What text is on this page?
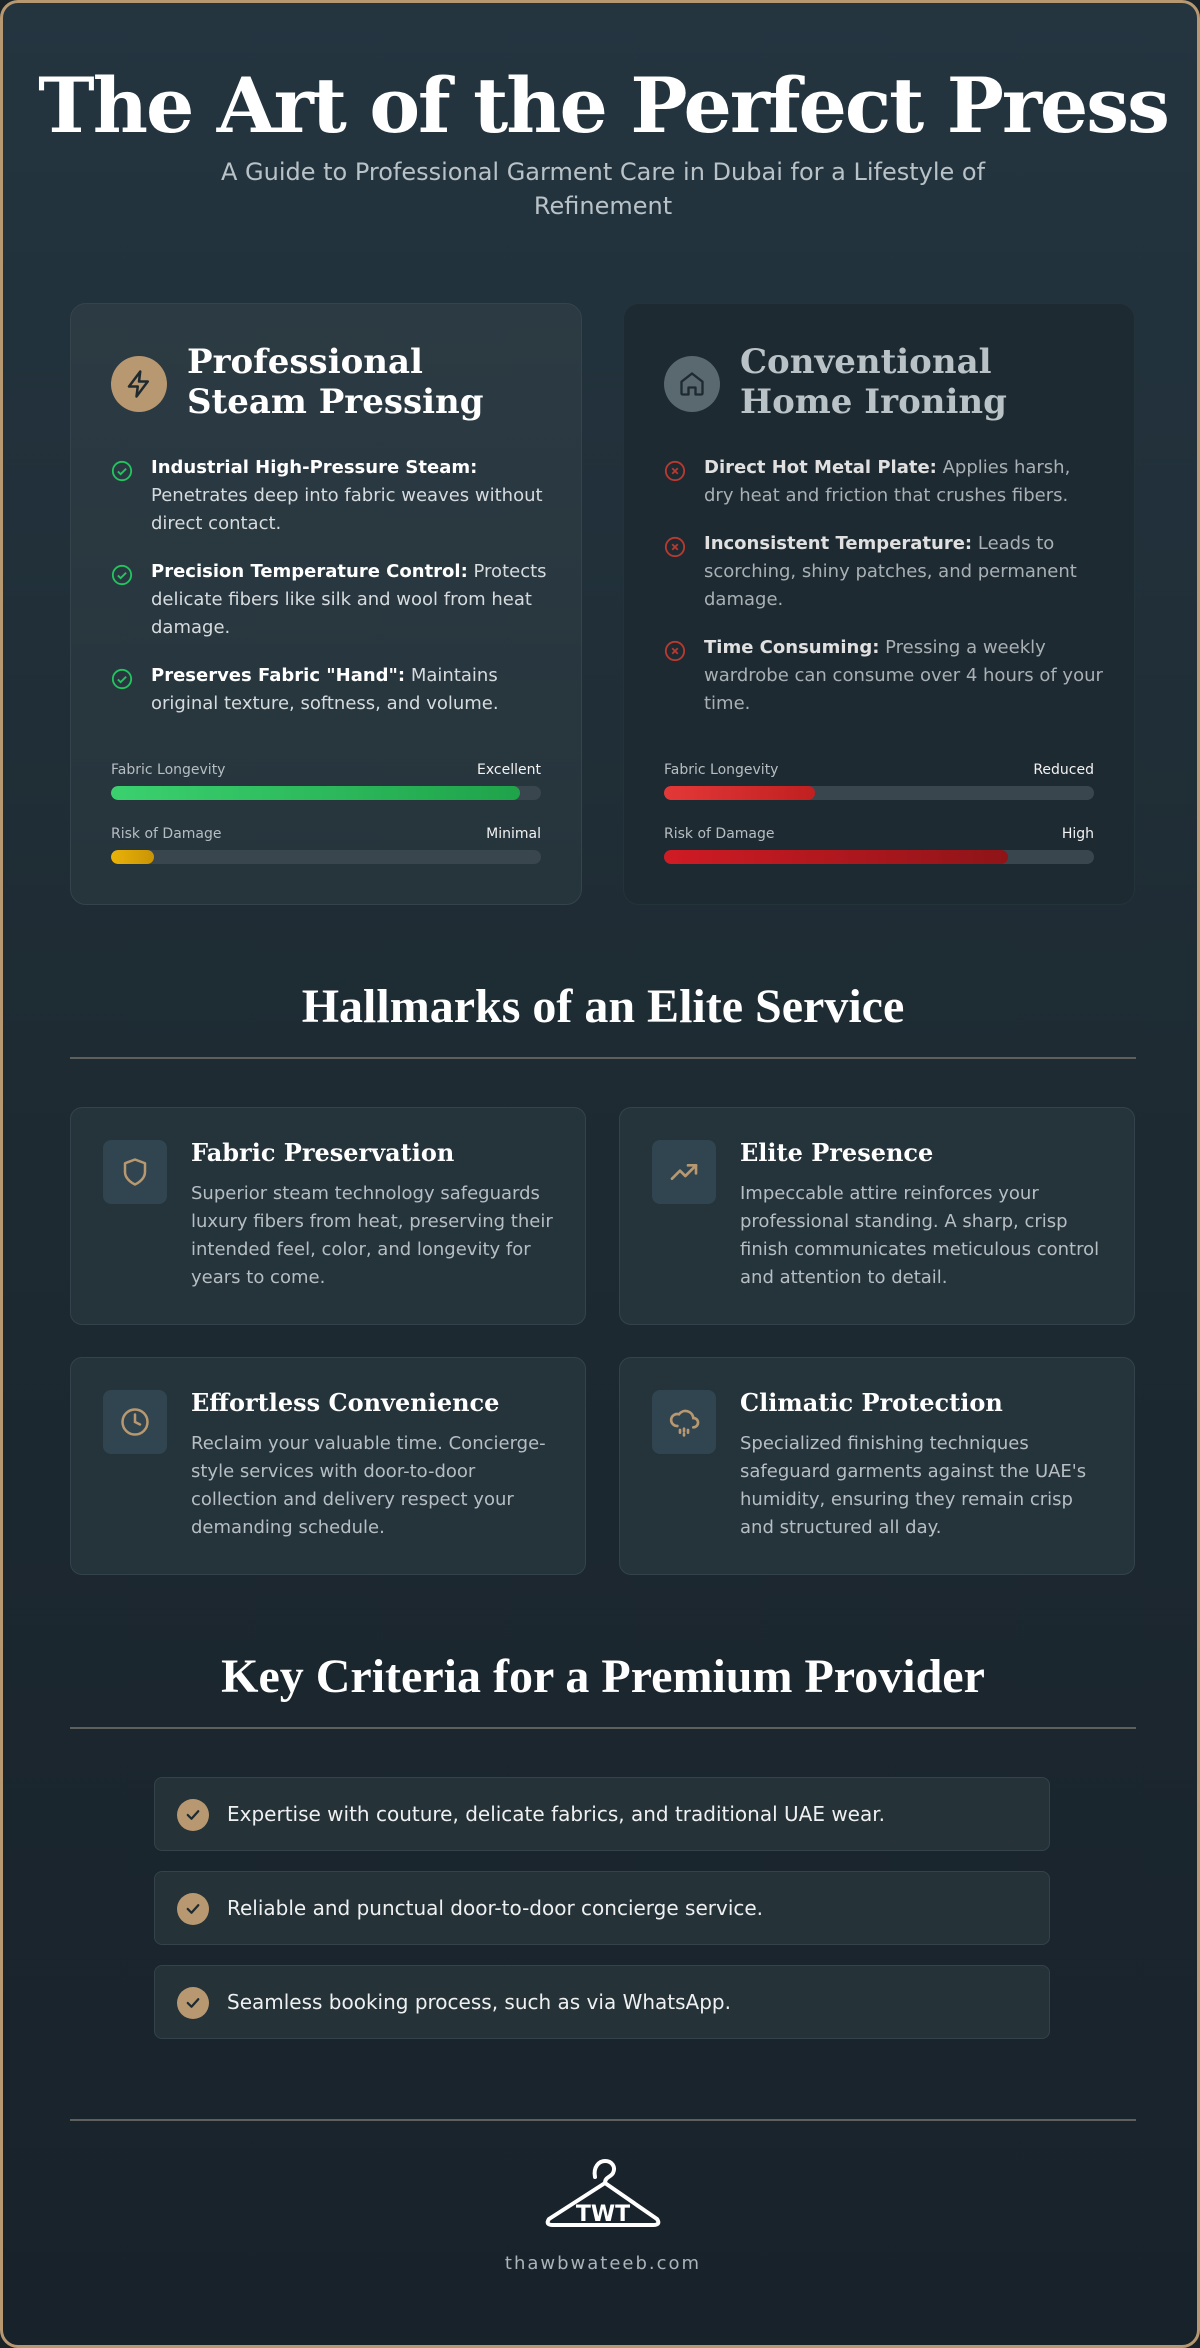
The Art of the Perfect Press

A Guide to Professional Garment Care in Dubai for a Lifestyle of Refinement

Professional
Steam Pressing
Industrial High-Pressure Steam: Penetrates deep into fabric weaves without direct contact.
Precision Temperature Control: Protects delicate fibers like silk and wool from heat damage.
Preserves Fabric "Hand": Maintains original texture, softness, and volume.
Fabric Longevity	Excellent
Risk of Damage	Minimal
Conventional
Home Ironing
Direct Hot Metal Plate: Applies harsh, dry heat and friction that crushes fibers.
Inconsistent Temperature: Leads to scorching, shiny patches, and permanent damage.
Time Consuming: Pressing a weekly wardrobe can consume over 4 hours of your time.
Fabric Longevity	Reduced
Risk of Damage	High
Hallmarks of an Elite Service
Fabric Preservation
Superior steam technology safeguards luxury fibers from heat, preserving their intended feel, color, and longevity for years to come.
Elite Presence
Impeccable attire reinforces your professional standing. A sharp, crisp finish communicates meticulous control and attention to detail.
Effortless Convenience
Reclaim your valuable time. Concierge-style services with door-to-door collection and delivery respect your demanding schedule.
Climatic Protection
Specialized finishing techniques safeguard garments against the UAE's humidity, ensuring they remain crisp and structured all day.
Key Criteria for a Premium Provider
Expertise with couture, delicate fabrics, and traditional UAE wear.
Reliable and punctual door-to-door concierge service.
Seamless booking process, such as via WhatsApp.
TWT
thawbwateeb.com
